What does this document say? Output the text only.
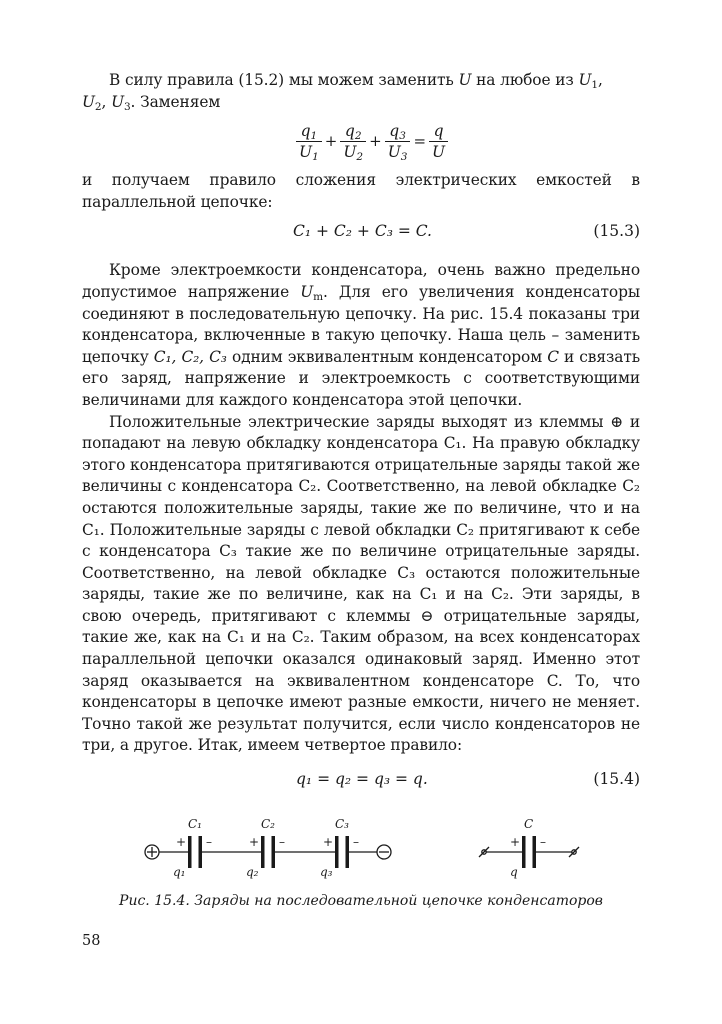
В силу правила (15.2) мы можем заменить U на любое из $U_1$,
$U_2$, $U_3$. Заменяем

$\frac{q_1}{U_1} + \frac{q_2}{U_2} + \frac{q_3}{U_3} = \frac{q}{U}$

и получаем правило сложения электрических емкостей в параллельной цепочке:

C₁ + C₂ + C₃ = C.	(15.3)

Кроме электроемкости конденсатора, очень важно предельно допустимое напряжение $U_m$. Для его увеличения конденсаторы соединяют в последовательную цепочку. На рис. 15.4 показаны три конденсатора, включенные в такую цепочку. Наша цель – заменить цепочку C₁, C₂, C₃ одним эквивалентным конденсатором C и связать его заряд, напряжение и электроемкость с соответствующими величинами для каждого конденсатора этой цепочки.

Положительные электрические заряды выходят из клеммы ⊕ и попадают на левую обкладку конденсатора C₁. На правую обкладку этого конденсатора притягиваются отрицательные заряды такой же величины с конденсатора C₂. Соответственно, на левой обкладке C₂ остаются положительные заряды, такие же по величине, что и на C₁. Положительные заряды с левой обкладки C₂ притягивают к себе с конденсатора C₃ такие же по величине отрицательные заряды. Соответственно, на левой обкладке C₃ остаются положительные заряды, такие же по величине, как на C₁ и на C₂. Эти заряды, в свою очередь, притягивают с клеммы ⊖ отрицательные заряды, такие же, как на C₁ и на C₂. Таким образом, на всех конденсаторах параллельной цепочки оказался одинаковый заряд. Именно этот заряд оказывается на эквивалентном конденсаторе C. То, что конденсаторы в цепочке имеют разные емкости, ничего не меняет. Точно такой же результат получится, если число конденсаторов не три, а другое. Итак, имеем четвертое правило:

q₁ = q₂ = q₃ = q.	(15.4)
C₁	C₂	C₃
+ –	+ –	+ –
q₁	q₂	q₃
C
+ –
q
Рис. 15.4. Заряды на последовательной цепочке конденсаторов
58
